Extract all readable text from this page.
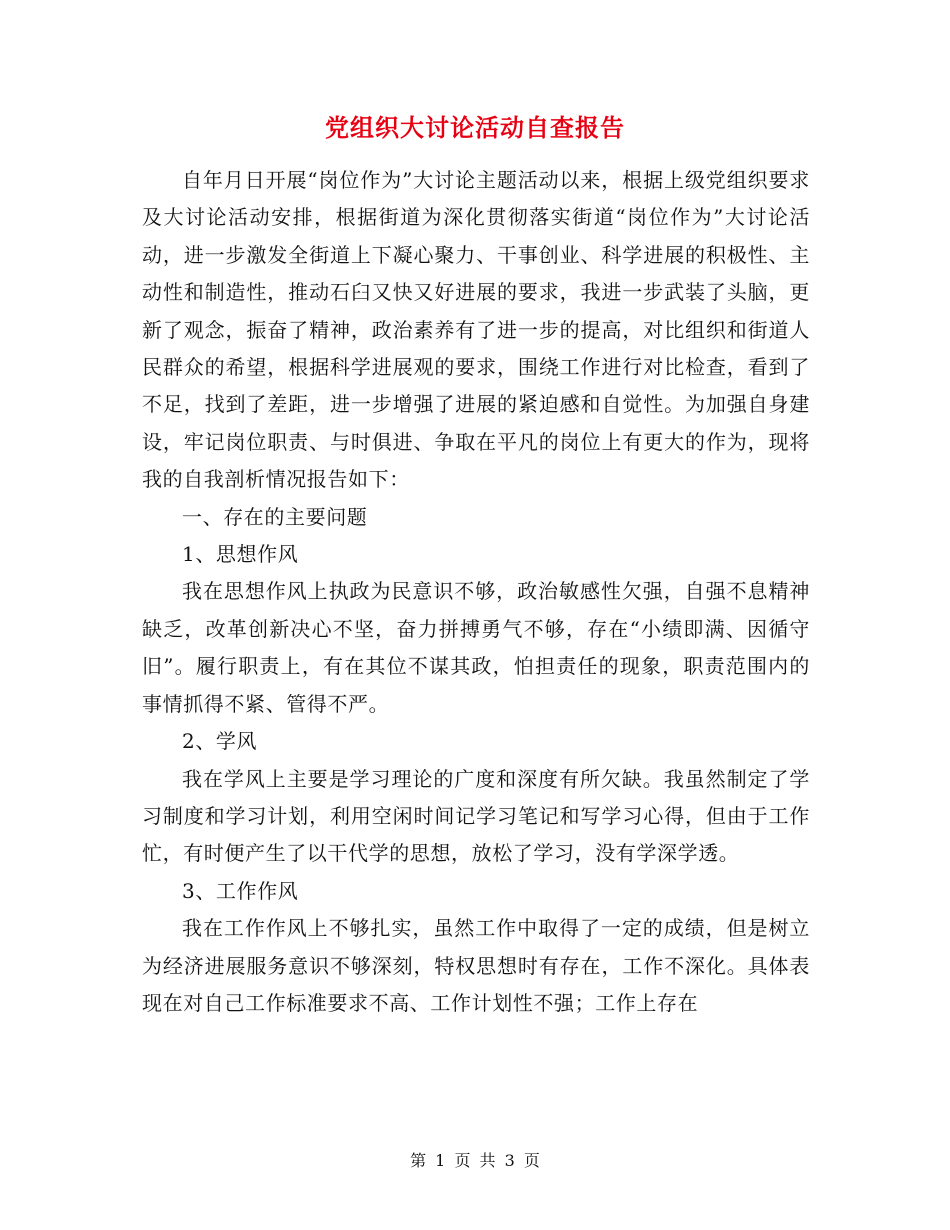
党组织大讨论活动自查报告

自年月日开展“岗位作为”大讨论主题活动以来，根据上级党组织要求及大讨论活动安排，根据街道为深化贯彻落实街道“岗位作为”大讨论活动，进一步激发全街道上下凝心聚力、干事创业、科学进展的积极性、主动性和制造性，推动石臼又快又好进展的要求，我进一步武装了头脑，更新了观念，振奋了精神，政治素养有了进一步的提高，对比组织和街道人民群众的希望，根据科学进展观的要求，围绕工作进行对比检查，看到了不足，找到了差距，进一步增强了进展的紧迫感和自觉性。为加强自身建设，牢记岗位职责、与时俱进、争取在平凡的岗位上有更大的作为，现将我的自我剖析情况报告如下：

一、存在的主要问题

1、思想作风

我在思想作风上执政为民意识不够，政治敏感性欠强，自强不息精神缺乏，改革创新决心不坚，奋力拼搏勇气不够，存在“小绩即满、因循守旧”。履行职责上，有在其位不谋其政，怕担责任的现象，职责范围内的事情抓得不紧、管得不严。

2、学风

我在学风上主要是学习理论的广度和深度有所欠缺。我虽然制定了学习制度和学习计划，利用空闲时间记学习笔记和写学习心得，但由于工作忙，有时便产生了以干代学的思想，放松了学习，没有学深学透。

3、工作作风

我在工作作风上不够扎实，虽然工作中取得了一定的成绩，但是树立为经济进展服务意识不够深刻，特权思想时有存在，工作不深化。具体表现在对自己工作标准要求不高、工作计划性不强；工作上存在

第 1 页 共 3 页
